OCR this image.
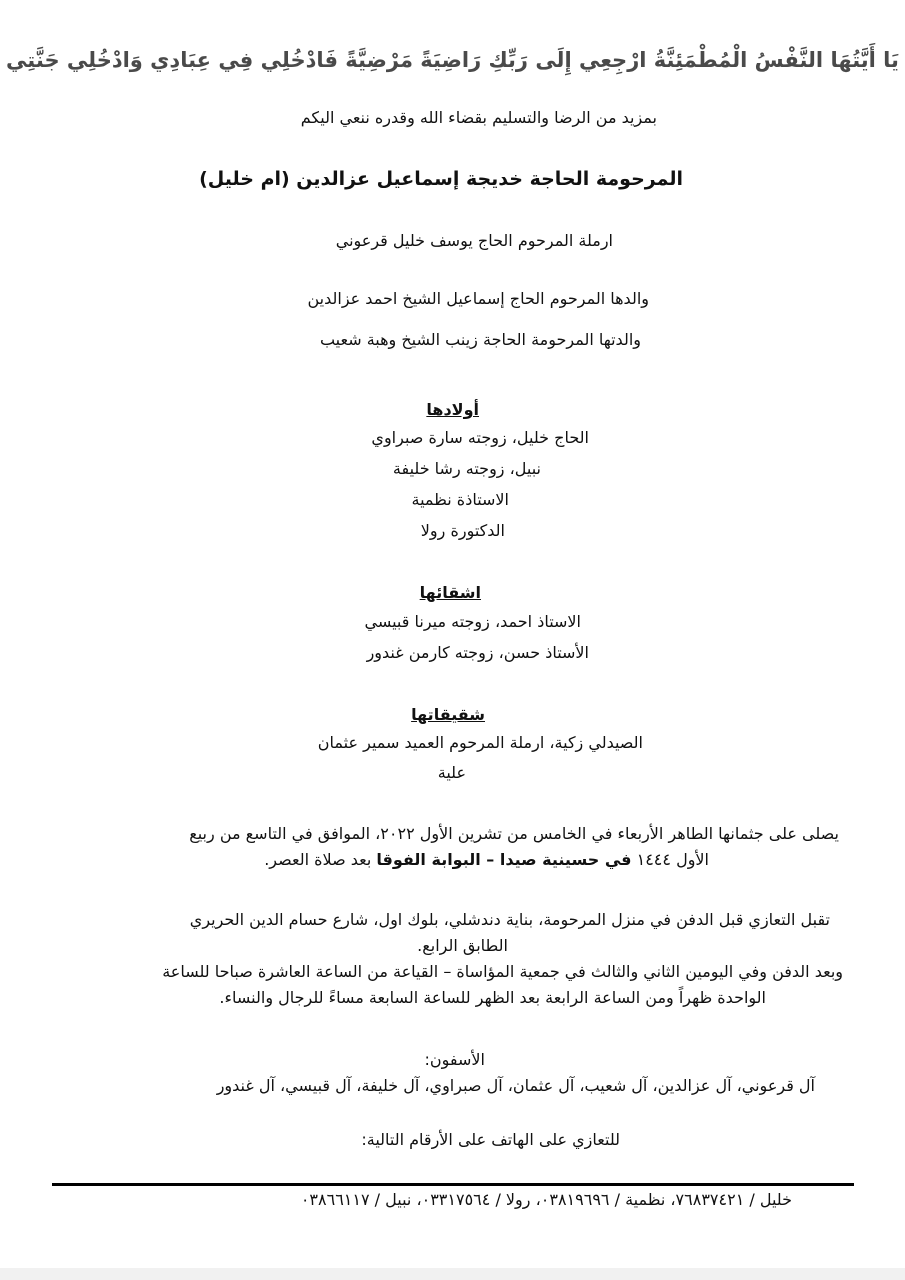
يَا أَيَّتُهَا النَّفْسُ الْمُطْمَئِنَّةُ ارْجِعِي إِلَى رَبِّكِ رَاضِيَةً مَرْضِيَّةً فَادْخُلِي فِي عِبَادِي وَادْخُلِي جَنَّتِي
بمزيد من الرضا والتسليم بقضاء الله وقدره ننعي اليكم
المرحومة الحاجة خديجة إسماعيل عزالدين (ام خليل)
ارملة المرحوم الحاج يوسف خليل قرعوني
والدها المرحوم الحاج إسماعيل الشيخ احمد عزالدين
والدتها المرحومة الحاجة زينب الشيخ وهبة شعيب
أولادها
الحاج خليل، زوجته سارة صبراوي
نبيل، زوجته رشا خليفة
الاستاذة نظمية
الدكتورة رولا
اشقائها
الاستاذ احمد، زوجته ميرنا قبيسي
الأستاذ حسن، زوجته كارمن غندور
شقيقاتها
الصيدلي زكية، ارملة المرحوم العميد سمير عثمان
علية
يصلى على جثمانها الطاهر الأربعاء في الخامس من تشرين الأول ٢٠٢٢، الموافق في التاسع من ربيع
الأول ١٤٤٤ في حسينية صيدا – البوابة الفوقا بعد صلاة العصر.
تقبل التعازي قبل الدفن في منزل المرحومة، بناية دندشلي، بلوك اول، شارع حسام الدين الحريري
الطابق الرابع.
وبعد الدفن وفي اليومين الثاني والثالث في جمعية المؤاساة – القياعة من الساعة العاشرة صباحا للساعة
الواحدة ظهراً ومن الساعة الرابعة بعد الظهر للساعة السابعة مساءً للرجال والنساء.
الأسفون:
آل قرعوني، آل عزالدين، آل شعيب، آل عثمان، آل صبراوي، آل خليفة، آل قبيسي، آل غندور
للتعازي على الهاتف على الأرقام التالية:
خليل / ٧٦٨٣٧٤٢١، نظمية / ٠٣٨١٩٦٩٦، رولا / ٠٣٣١٧٥٦٤، نبيل / ٠٣٨٦٦١١٧
